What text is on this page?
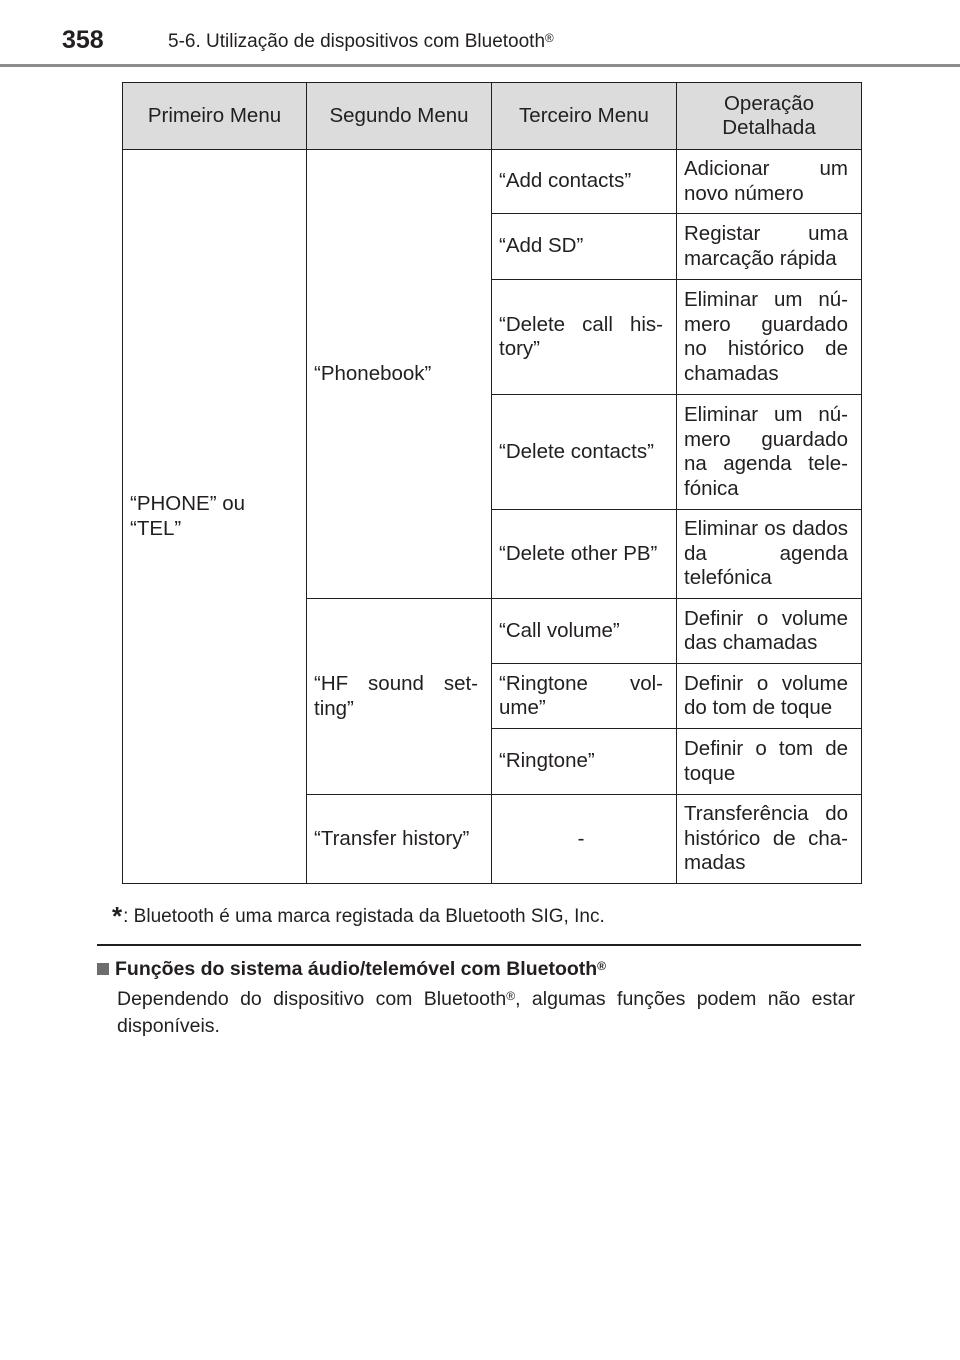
358	5-6. Utilização de dispositivos com Bluetooth®
Primeiro Menu	Segundo Menu	Terceiro Menu	Operação Detalhada
“PHONE” ou “TEL”	“Phonebook”	“Add contacts”	Adicionar um novo número
		“Add SD”	Registar uma marcação rápida
		“Delete call history”	Eliminar um número guardado no histórico de chamadas
		“Delete contacts”	Eliminar um número guardado na agenda telefónica
		“Delete other PB”	Eliminar os dados da agenda telefónica
	“HF sound setting”	“Call volume”	Definir o volume das chamadas
		“Ringtone volume”	Definir o volume do tom de toque
		“Ringtone”	Definir o tom de toque
	“Transfer history”	-	Transferência do histórico de chamadas
*: Bluetooth é uma marca registada da Bluetooth SIG, Inc.
Funções do sistema áudio/telemóvel com Bluetooth®
Dependendo do dispositivo com Bluetooth®, algumas funções podem não estar disponíveis.
